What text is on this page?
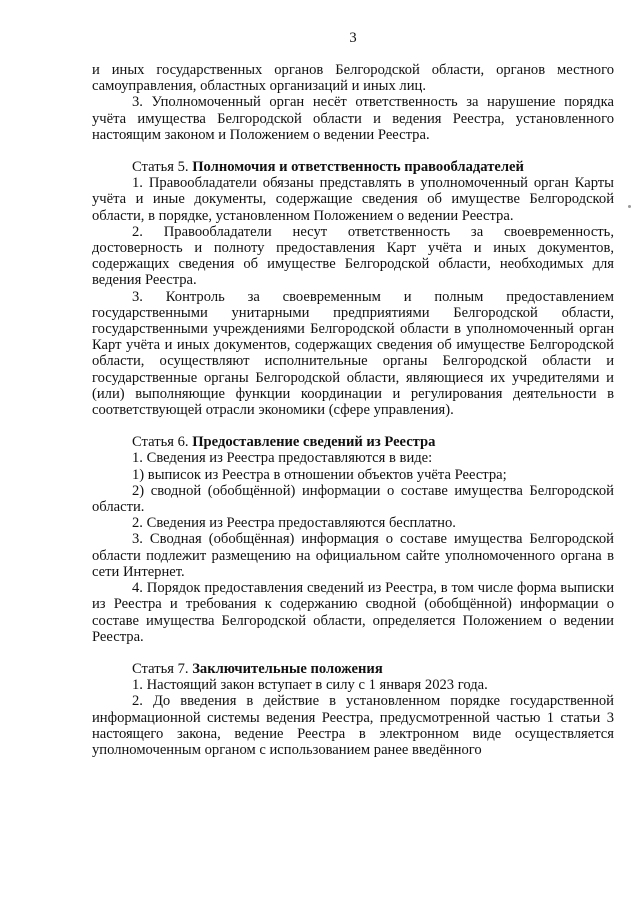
3

и иных государственных органов Белгородской области, органов местного самоуправления, областных организаций и иных лиц.

3. Уполномоченный орган несёт ответственность за нарушение порядка учёта имущества Белгородской области и ведения Реестра, установленного настоящим законом и Положением о ведении Реестра.

Статья 5. Полномочия и ответственность правообладателей

1. Правообладатели обязаны представлять в уполномоченный орган Карты учёта и иные документы, содержащие сведения об имуществе Белгородской области, в порядке, установленном Положением о ведении Реестра.

2. Правообладатели несут ответственность за своевременность, достоверность и полноту предоставления Карт учёта и иных документов, содержащих сведения об имуществе Белгородской области, необходимых для ведения Реестра.

3. Контроль за своевременным и полным предоставлением государственными унитарными предприятиями Белгородской области, государственными учреждениями Белгородской области в уполномоченный орган Карт учёта и иных документов, содержащих сведения об имуществе Белгородской области, осуществляют исполнительные органы Белгородской области и государственные органы Белгородской области, являющиеся их учредителями и (или) выполняющие функции координации и регулирования деятельности в соответствующей отрасли экономики (сфере управления).

Статья 6. Предоставление сведений из Реестра

1. Сведения из Реестра предоставляются в виде:

1) выписок из Реестра в отношении объектов учёта Реестра;

2) сводной (обобщённой) информации о составе имущества Белгородской области.

2. Сведения из Реестра предоставляются бесплатно.

3. Сводная (обобщённая) информация о составе имущества Белгородской области подлежит размещению на официальном сайте уполномоченного органа в сети Интернет.

4. Порядок предоставления сведений из Реестра, в том числе форма выписки из Реестра и требования к содержанию сводной (обобщённой) информации о составе имущества Белгородской области, определяется Положением о ведении Реестра.

Статья 7. Заключительные положения

1. Настоящий закон вступает в силу с 1 января 2023 года.

2. До введения в действие в установленном порядке государственной информационной системы ведения Реестра, предусмотренной частью 1 статьи 3 настоящего закона, ведение Реестра в электронном виде осуществляется уполномоченным органом с использованием ранее введённого
